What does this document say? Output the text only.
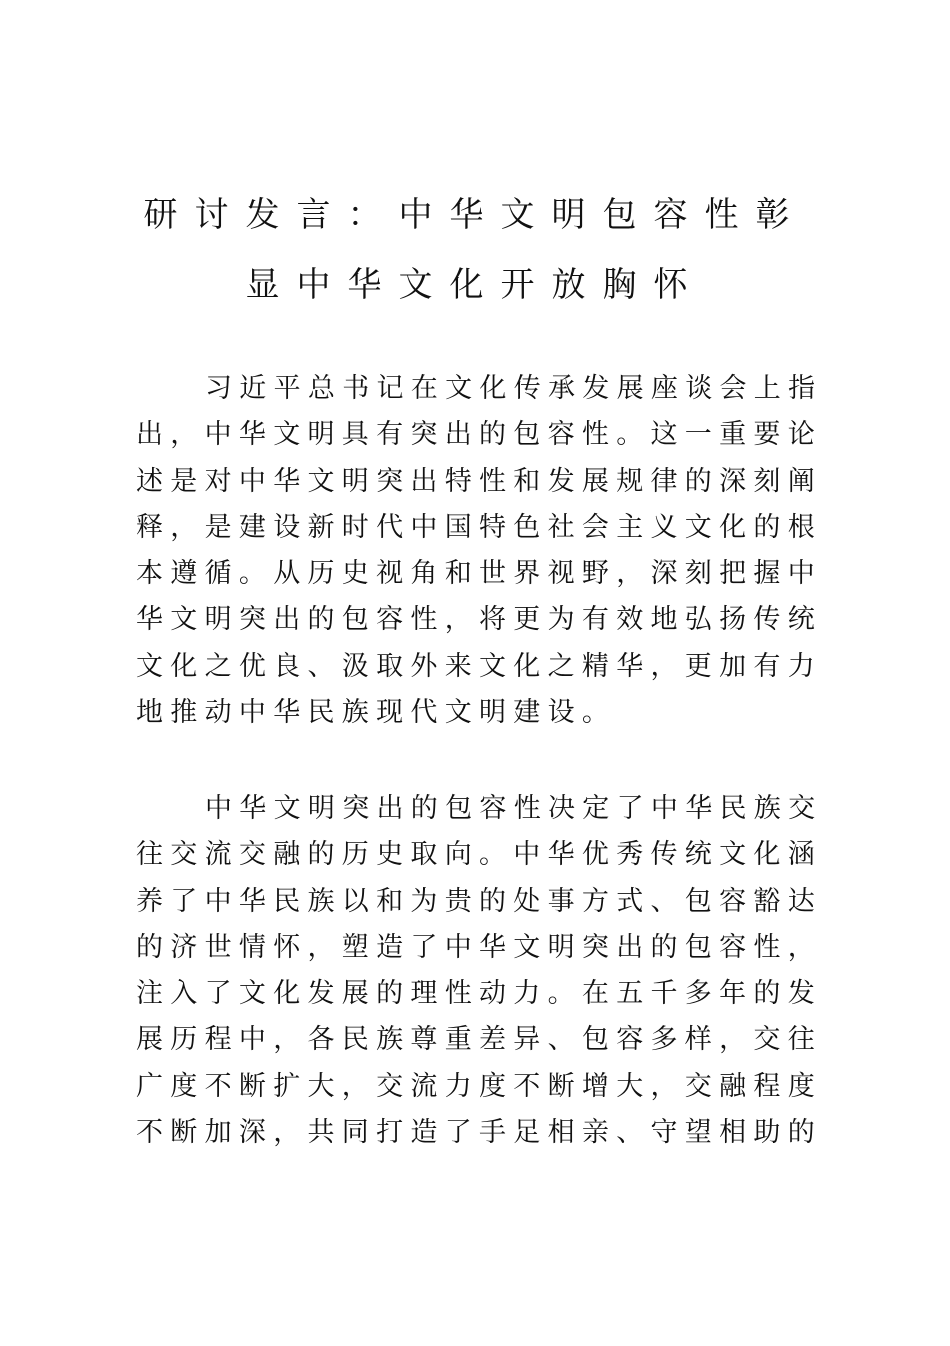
研讨发言：中华文明包容性彰
显中华文化开放胸怀
习近平总书记在文化传承发展座谈会上指
出，中华文明具有突出的包容性。这一重要论
述是对中华文明突出特性和发展规律的深刻阐
释，是建设新时代中国特色社会主义文化的根
本遵循。从历史视角和世界视野，深刻把握中
华文明突出的包容性，将更为有效地弘扬传统
文化之优良、汲取外来文化之精华，更加有力
地推动中华民族现代文明建设。
中华文明突出的包容性决定了中华民族交
往交流交融的历史取向。中华优秀传统文化涵
养了中华民族以和为贵的处事方式、包容豁达
的济世情怀，塑造了中华文明突出的包容性，
注入了文化发展的理性动力。在五千多年的发
展历程中，各民族尊重差异、包容多样，交往
广度不断扩大，交流力度不断增大，交融程度
不断加深，共同打造了手足相亲、守望相助的
